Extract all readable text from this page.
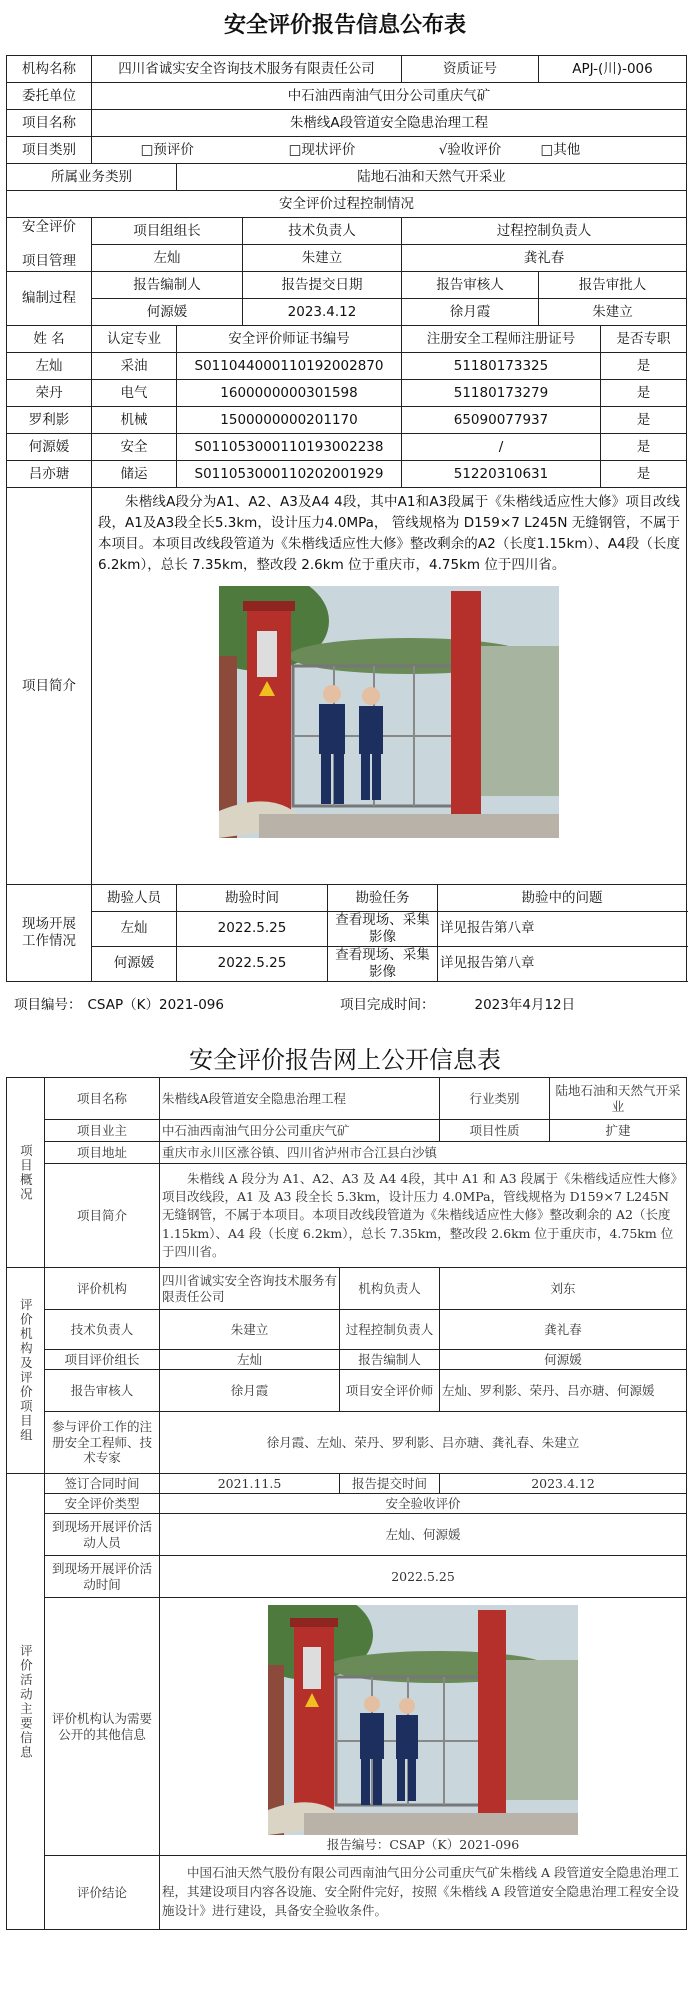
安全评价报告信息公布表
机构名称	四川省诚实安全咨询技术服务有限责任公司				资质证号		APJ-(川)-006	
委托单位	中石油西南油气田分公司重庆气矿							
项目名称	朱楷线A段管道安全隐患治理工程							
项目类别	□预评价		□现状评价		√验收评价		□其他	
所属业务类别		陆地石油和天然气开采业						
安全评价过程控制情况								
安全评价

项目管理	项目组组长		技术负责人		过程控制负责人			
	左灿		朱建立		龚礼春			
编制过程	报告编制人		报告提交日期		报告审核人		报告审批人	
	何源媛		2023.4.12		徐月霞		朱建立	
姓 名	认定专业	安全评价师证书编号			注册安全工程师注册证号			是否专职
左灿	采油	S011044000110192002870			51180173325			是
荣丹	电气	1600000000301598			51180173279			是
罗利影	机械	1500000000201170			65090077937			是
何源媛	安全	S011053000110193002238			/			是
吕亦瑭	储运	S011053000110202001929			51220310631			是
项目简介	朱楷线A段分为A1、A2、A3及A4 4段，其中A1和A3段属于《朱楷线适应性大修》项目改线段，A1及A3段全长5.3km，设计压力4.0MPa， 管线规格为 D159×7 L245N 无缝钢管，不属于本项目。本项目改线段管道为《朱楷线适应性大修》整改剩余的A2（长度1.15km）、A4段（长度6.2km），总长 7.35km，整改段 2.6km 位于重庆市，4.75km 位于四川省。							

现场开展
工作情况	勘验人员	勘验时间		勘验任务		勘验中的问题		
	左灿	2022.5.25		查看现场、采集影像		详见报告第八章		
	何源媛	2022.5.25		查看现场、采集影像		详见报告第八章		
项目编号： CSAP（K）2021-096	项目完成时间：	2023年4月12日
安全评价报告网上公开信息表
项目概况	项目名称	朱楷线A段管道安全隐患治理工程		行业类别	陆地石油和天然气开采业
	项目业主	中石油西南油气田分公司重庆气矿		项目性质	扩建
	项目地址	重庆市永川区涨谷镇、四川省泸州市合江县白沙镇			
	项目简介	朱楷线 A 段分为 A1、A2、A3 及 A4 4段，其中 A1 和 A3 段属于《朱楷线适应性大修》项目改线段，A1 及 A3 段全长 5.3km，设计压力 4.0MPa，管线规格为 D159×7 L245N 无缝钢管，不属于本项目。本项目改线段管道为《朱楷线适应性大修》整改剩余的 A2（长度 1.15km）、A4 段（长度 6.2km），总长 7.35km，整改段 2.6km 位于重庆市，4.75km 位于四川省。			
评价机构及评价项目组	评价机构	四川省诚实安全咨询技术服务有限责任公司	机构负责人	刘东	
	技术负责人	朱建立	过程控制负责人	龚礼春	
	项目评价组长	左灿	报告编制人	何源媛	
	报告审核人	徐月霞	项目安全评价师	左灿、罗利影、荣丹、吕亦瑭、何源媛	
	参与评价工作的注册安全工程师、技术专家	徐月霞、左灿、荣丹、罗利影、吕亦瑭、龚礼春、朱建立			
评价活动主要信息	签订合同时间	2021.11.5	报告提交时间	2023.4.12	
	安全评价类型	安全验收评价			
	到现场开展评价活动人员	左灿、何源媛			
	到现场开展评价活动时间	2022.5.25			
	评价机构认为需要公开的其他信息	报告编号：CSAP（K）2021-096			

	评价结论	中国石油天然气股份有限公司西南油气田分公司重庆气矿朱楷线 A 段管道安全隐患治理工程，其建设项目内容各设施、安全附件完好，按照《朱楷线 A 段管道安全隐患治理工程安全设施设计》进行建设，具备安全验收条件。			
